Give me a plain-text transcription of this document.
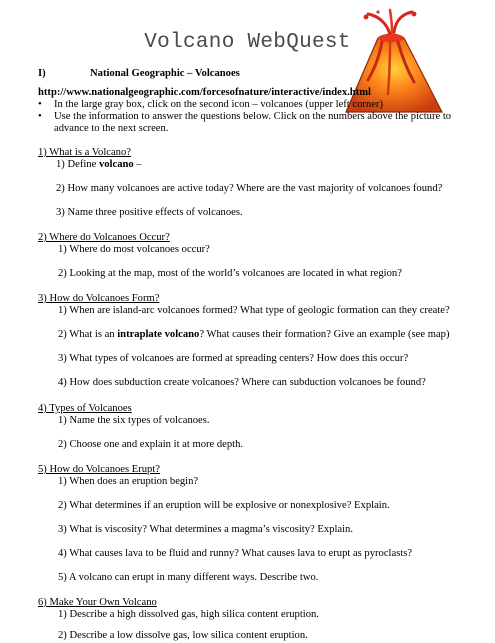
Volcano WebQuest
I)	National Geographic – Volcanoes
http://www.nationalgeographic.com/forcesofnature/interactive/index.html
• In the large gray box, click on the second icon – volcanoes (upper left corner)
• Use the information to answer the questions below. Click on the numbers above the picture to
advance to the next screen.
1) What is a Volcano?
1) Define volcano –
2) How many volcanoes are active today? Where are the vast majority of volcanoes found?
3) Name three positive effects of volcanoes.
2) Where do Volcanoes Occur?
1) Where do most volcanoes occur?
2) Looking at the map, most of the world’s volcanoes are located in what region?
3) How do Volcanoes Form?
1) When are island-arc volcanoes formed? What type of geologic formation can they create?
2) What is an intraplate volcano? What causes their formation? Give an example (see map)
3) What types of volcanoes are formed at spreading centers? How does this occur?
4) How does subduction create volcanoes? Where can subduction volcanoes be found?
4) Types of Volcanoes
1) Name the six types of volcanoes.
2) Choose one and explain it at more depth.
5) How do Volcanoes Erupt?
1) When does an eruption begin?
2) What determines if an eruption will be explosive or nonexplosive? Explain.
3) What is viscosity? What determines a magma’s viscosity? Explain.
4) What causes lava to be fluid and runny? What causes lava to erupt as pyroclasts?
5) A volcano can erupt in many different ways. Describe two.
6) Make Your Own Volcano
1) Describe a high dissolved gas, high silica content eruption.
2) Describe a low dissolve gas, low silica content eruption.
